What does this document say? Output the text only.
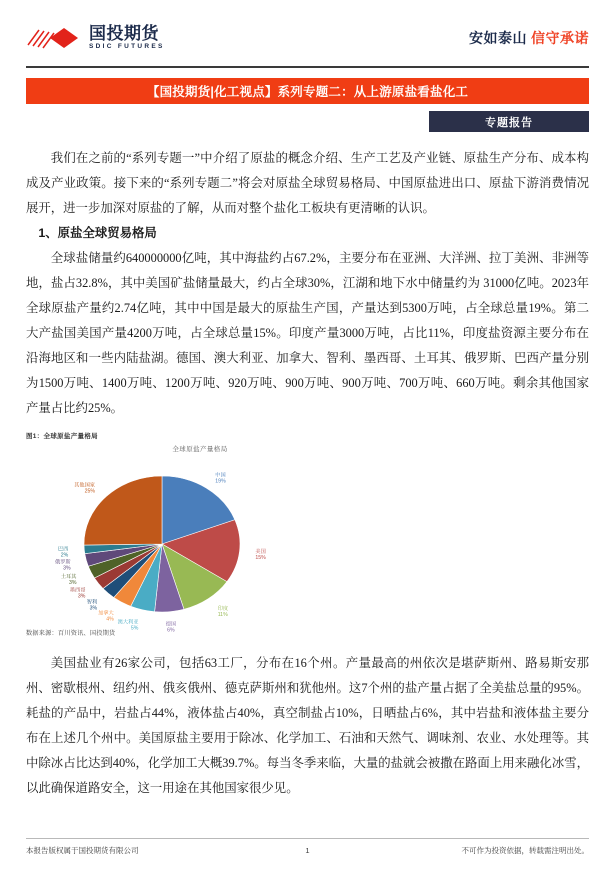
国投期货
SDIC FUTURES
安如泰山 信守承诺
【国投期货|化工视点】系列专题二：从上游原盐看盐化工
专题报告

我们在之前的“系列专题一”中介绍了原盐的概念介绍、生产工艺及产业链、原盐生产分布、成本构成及产业政策。接下来的“系列专题二”将会对原盐全球贸易格局、中国原盐进出口、原盐下游消费情况展开，进一步加深对原盐的了解，从而对整个盐化工板块有更清晰的认识。

1、原盐全球贸易格局

全球盐储量约640000000亿吨，其中海盐约占67.2%，主要分布在亚洲、大洋洲、拉丁美洲、非洲等地，盐占32.8%，其中美国矿盐储量最大，约占全球30%，江湖和地下水中储量约为 31000亿吨。2023年全球原盐产量约2.74亿吨，其中中国是最大的原盐生产国，产量达到5300万吨，占全球总量19%。第二大产盐国美国产量4200万吨，占全球总量15%。印度产量3000万吨，占比11%，印度盐资源主要分布在沿海地区和一些内陆盐湖。德国、澳大利亚、加拿大、智利、墨西哥、土耳其、俄罗斯、巴西产量分别为1500万吨、1400万吨、1200万吨、920万吨、900万吨、900万吨、700万吨、660万吨。剩余其他国家产量占比约25%。

图1：全球原盐产量格局
全球原盐产量格局
中国 19%
美国 15%
印度 11%
德国 6%
澳大利亚 5%
加拿大 4%
智利 3%
墨西哥 3%
土耳其 3%
俄罗斯 3%
巴西 2%
其他国家 25%
数据来源：百川资讯、国投期货

美国盐业有26家公司，包括63工厂，分布在16个州。产量最高的州依次是堪萨斯州、路易斯安那州、密歇根州、纽约州、俄亥俄州、德克萨斯州和犹他州。这7个州的盐产量占据了全美盐总量的95%。耗盐的产品中，岩盐占44%，液体盐占40%，真空制盐占10%，日晒盐占6%，其中岩盐和液体盐主要分布在上述几个州中。美国原盐主要用于除冰、化学加工、石油和天然气、调味剂、农业、水处理等。其中除冰占比达到40%，化学加工大概39.7%。每当冬季来临，大量的盐就会被撒在路面上用来融化冰雪，以此确保道路安全，这一用途在其他国家很少见。

本报告版权属于国投期货有限公司	1	不可作为投资依据，转载需注明出处。
